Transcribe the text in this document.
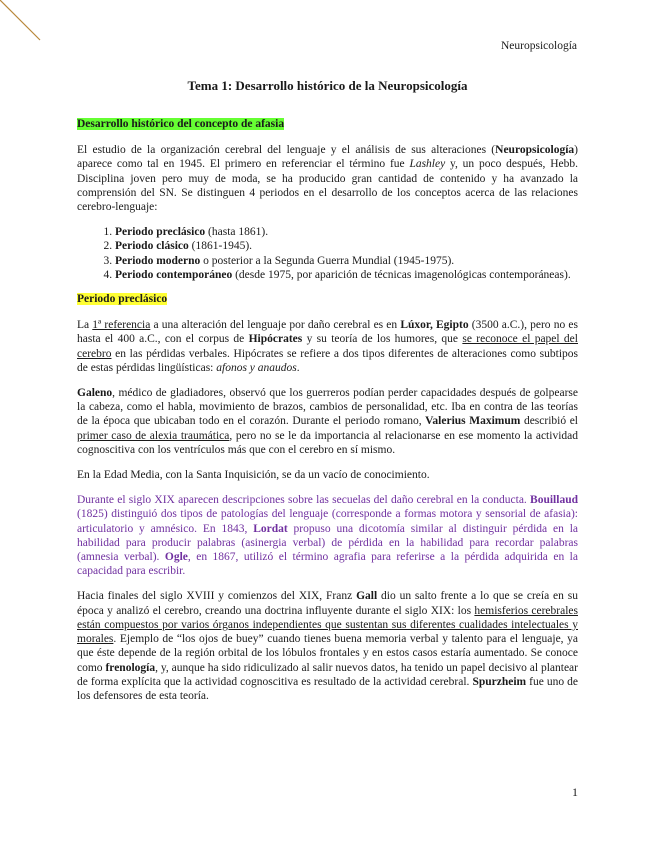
Neuropsicología
Tema 1: Desarrollo histórico de la Neuropsicología
Desarrollo histórico del concepto de afasia

El estudio de la organización cerebral del lenguaje y el análisis de sus alteraciones (Neuropsicología) aparece como tal en 1945. El primero en referenciar el término fue Lashley y, un poco después, Hebb. Disciplina joven pero muy de moda, se ha producido gran cantidad de contenido y ha avanzado la comprensión del SN. Se distinguen 4 periodos en el desarrollo de los conceptos acerca de las relaciones cerebro-lenguaje:

1. Periodo preclásico (hasta 1861).
2. Periodo clásico (1861-1945).
3. Periodo moderno o posterior a la Segunda Guerra Mundial (1945-1975).
4. Periodo contemporáneo (desde 1975, por aparición de técnicas imagenológicas contemporáneas).
Periodo preclásico

La 1ª referencia a una alteración del lenguaje por daño cerebral es en Lúxor, Egipto (3500 a.C.), pero no es hasta el 400 a.C., con el corpus de Hipócrates y su teoría de los humores, que se reconoce el papel del cerebro en las pérdidas verbales. Hipócrates se refiere a dos tipos diferentes de alteraciones como subtipos de estas pérdidas lingüísticas: afonos y anaudos.

Galeno, médico de gladiadores, observó que los guerreros podían perder capacidades después de golpearse la cabeza, como el habla, movimiento de brazos, cambios de personalidad, etc. Iba en contra de las teorías de la época que ubicaban todo en el corazón. Durante el periodo romano, Valerius Maximum describió el primer caso de alexia traumática, pero no se le da importancia al relacionarse en ese momento la actividad cognoscitiva con los ventrículos más que con el cerebro en sí mismo.

En la Edad Media, con la Santa Inquisición, se da un vacío de conocimiento.

Durante el siglo XIX aparecen descripciones sobre las secuelas del daño cerebral en la conducta. Bouillaud (1825) distinguió dos tipos de patologías del lenguaje (corresponde a formas motora y sensorial de afasia): articulatorio y amnésico. En 1843, Lordat propuso una dicotomía similar al distinguir pérdida en la habilidad para producir palabras (asinergia verbal) de pérdida en la habilidad para recordar palabras (amnesia verbal). Ogle, en 1867, utilizó el término agrafia para referirse a la pérdida adquirida en la capacidad para escribir.

Hacia finales del siglo XVIII y comienzos del XIX, Franz Gall dio un salto frente a lo que se creía en su época y analizó el cerebro, creando una doctrina influyente durante el siglo XIX: los hemisferios cerebrales están compuestos por varios órganos independientes que sustentan sus diferentes cualidades intelectuales y morales. Ejemplo de “los ojos de buey” cuando tienes buena memoria verbal y talento para el lenguaje, ya que éste depende de la región orbital de los lóbulos frontales y en estos casos estaría aumentado. Se conoce como frenología, y, aunque ha sido ridiculizado al salir nuevos datos, ha tenido un papel decisivo al plantear de forma explícita que la actividad cognoscitiva es resultado de la actividad cerebral. Spurzheim fue uno de los defensores de esta teoría.

1
